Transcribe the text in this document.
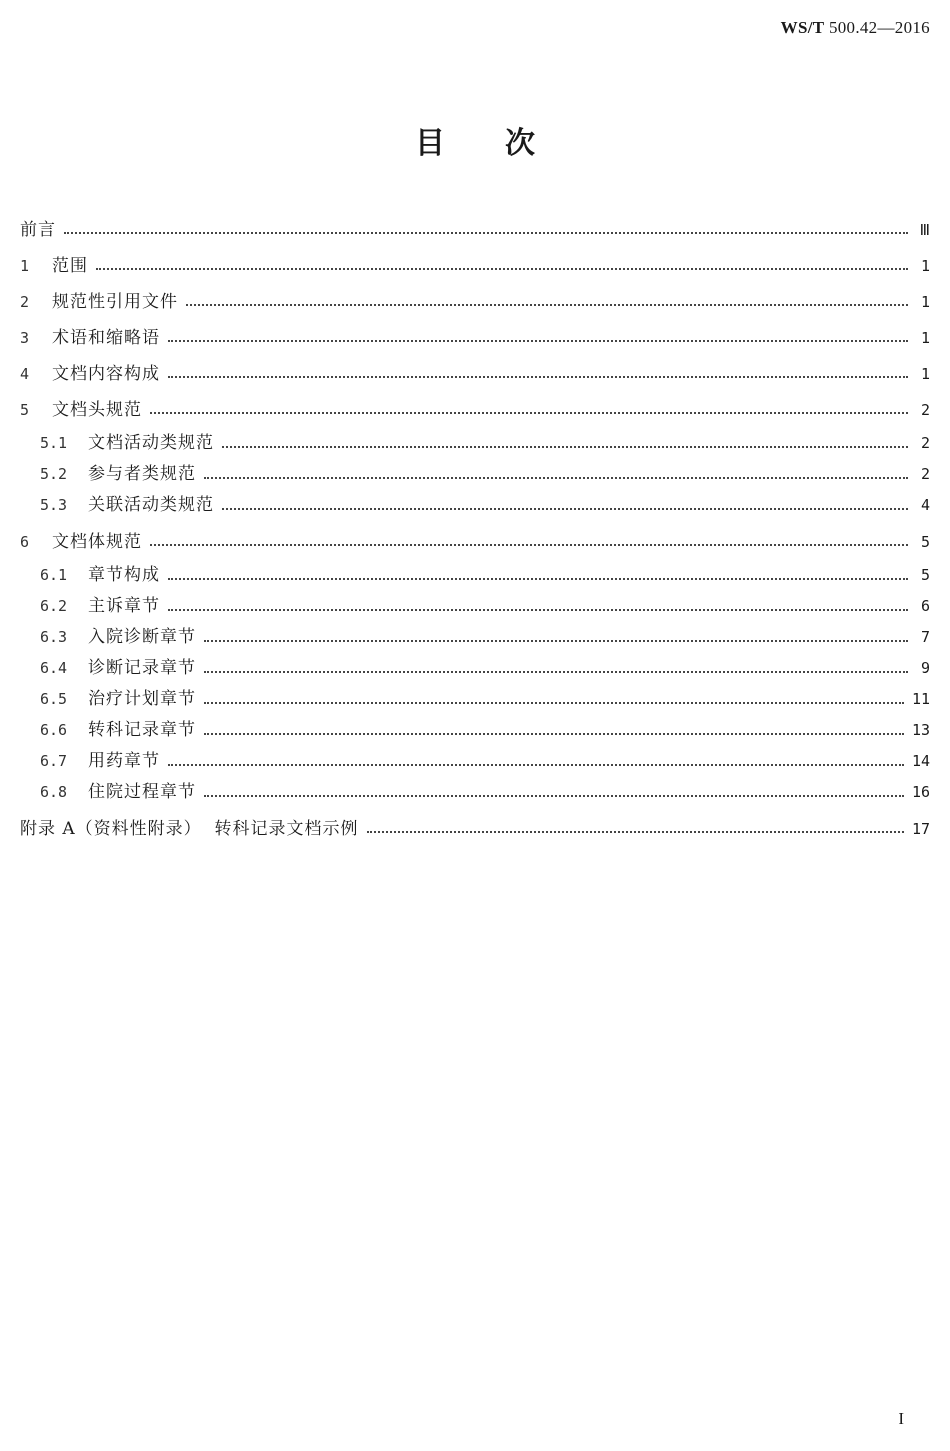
WS/T 500.42—2016
目次
前言	Ⅲ
1	范围	1
2	规范性引用文件	1
3	术语和缩略语	1
4	文档内容构成	1
5	文档头规范	2
5.1	文档活动类规范	2
5.2	参与者类规范	2
5.3	关联活动类规范	4
6	文档体规范	5
6.1	章节构成	5
6.2	主诉章节	6
6.3	入院诊断章节	7
6.4	诊断记录章节	9
6.5	治疗计划章节	11
6.6	转科记录章节	13
6.7	用药章节	14
6.8	住院过程章节	16
附录 A（资料性附录）  转科记录文档示例	17
I
